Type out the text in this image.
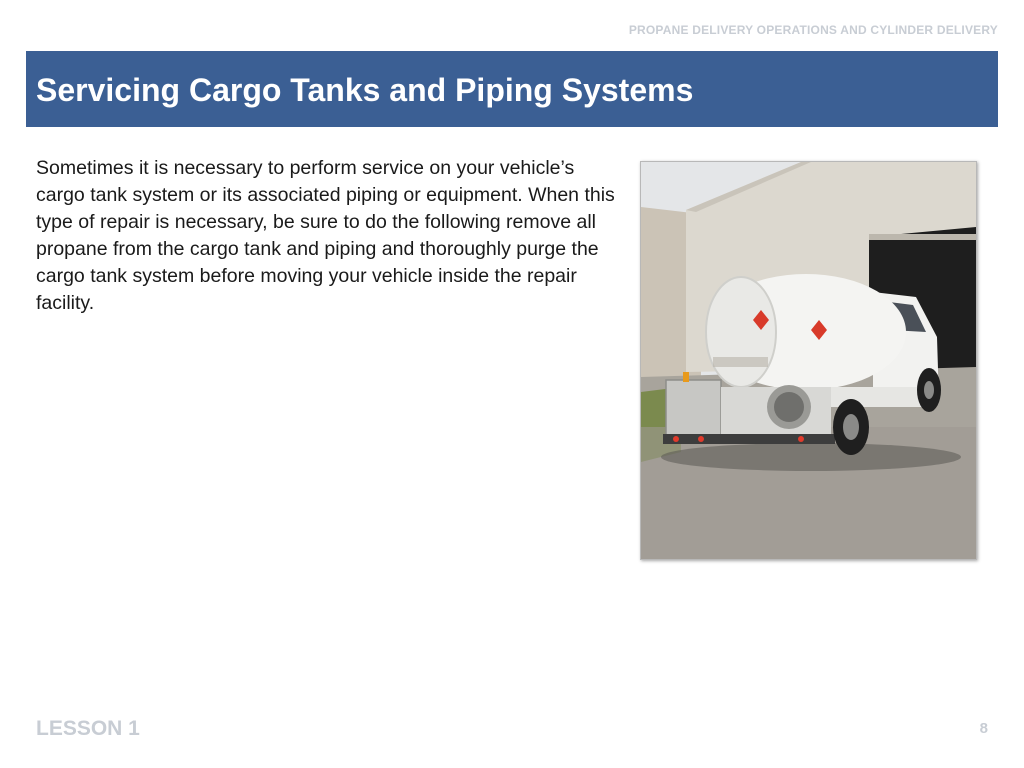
PROPANE DELIVERY OPERATIONS AND CYLINDER DELIVERY
Servicing Cargo Tanks and Piping Systems

Sometimes it is necessary to perform service on your vehicle’s cargo tank system or its associated piping or equipment. When this type of repair is necessary, be sure to do the following remove all propane from the cargo tank and piping and thoroughly purge the cargo tank system before moving your vehicle inside the repair facility.

LESSON 1	8
